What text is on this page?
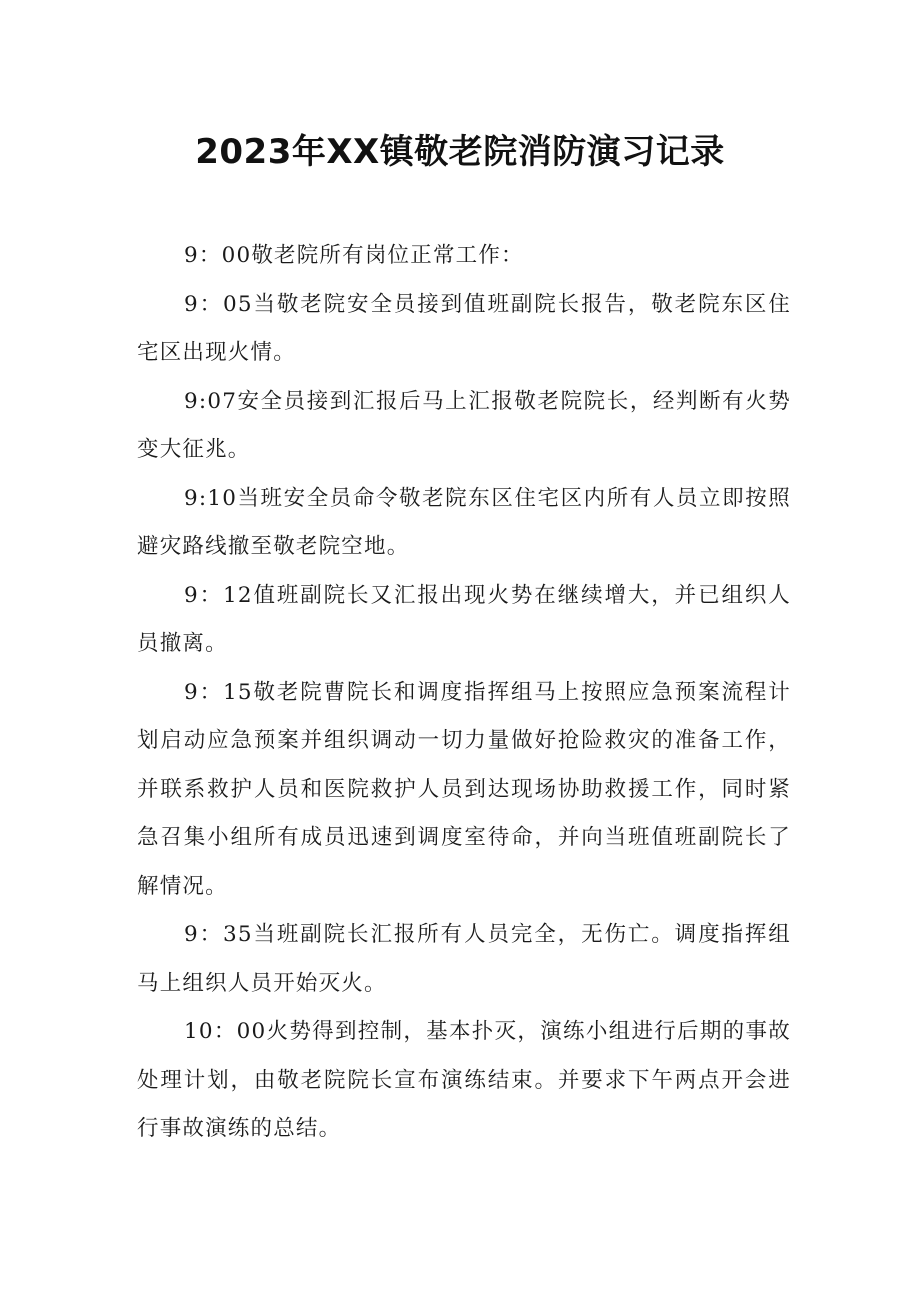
2023年XX镇敬老院消防演习记录

9：00敬老院所有岗位正常工作：

9：05当敬老院安全员接到值班副院长报告，敬老院东区住宅区出现火情。

9:07安全员接到汇报后马上汇报敬老院院长，经判断有火势变大征兆。

9:10当班安全员命令敬老院东区住宅区内所有人员立即按照避灾路线撤至敬老院空地。

9：12值班副院长又汇报出现火势在继续增大，并已组织人员撤离。

9：15敬老院曹院长和调度指挥组马上按照应急预案流程计划启动应急预案并组织调动一切力量做好抢险救灾的准备工作，并联系救护人员和医院救护人员到达现场协助救援工作，同时紧急召集小组所有成员迅速到调度室待命，并向当班值班副院长了解情况。

9：35当班副院长汇报所有人员完全，无伤亡。调度指挥组马上组织人员开始灭火。

10：00火势得到控制，基本扑灭，演练小组进行后期的事故处理计划，由敬老院院长宣布演练结束。并要求下午两点开会进行事故演练的总结。
